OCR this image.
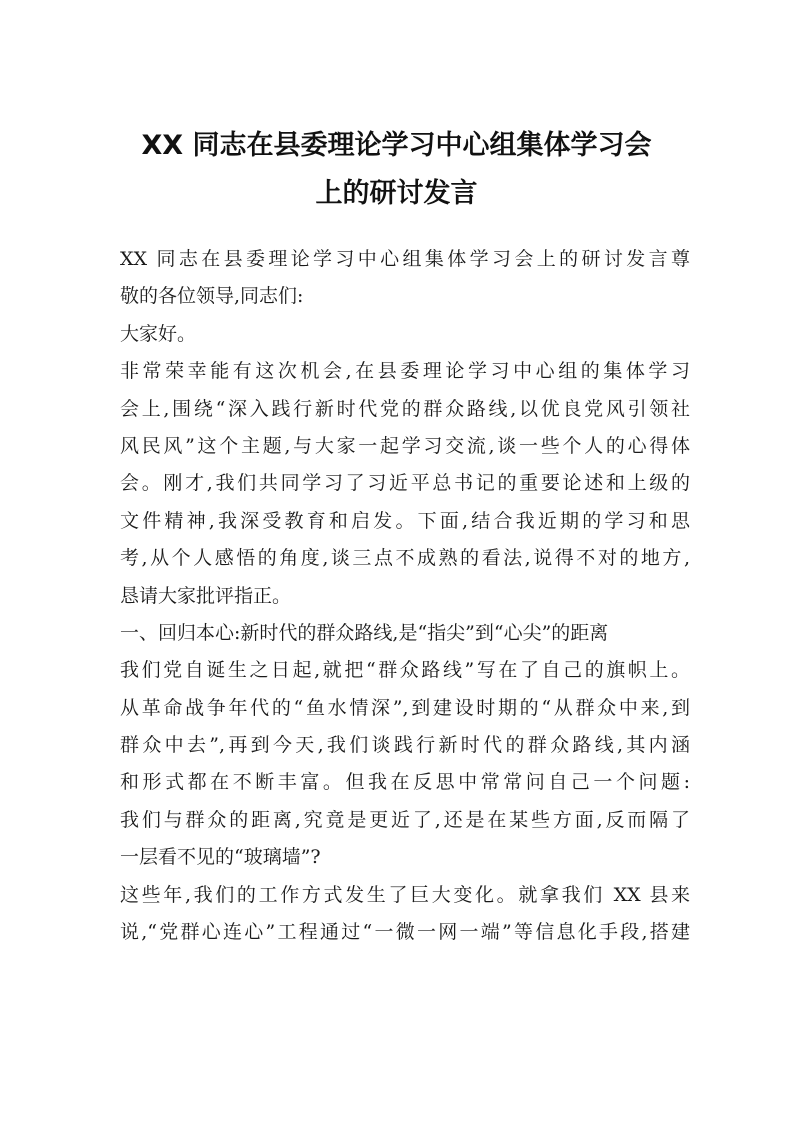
XX 同志在县委理论学习中心组集体学习会
上的研讨发言
XX 同志在县委理论学习中心组集体学习会上的研讨发言尊
敬的各位领导,同志们:
大家好。
非常荣幸能有这次机会,在县委理论学习中心组的集体学习
会上,围绕“深入践行新时代党的群众路线,以优良党风引领社
风民风”这个主题,与大家一起学习交流,谈一些个人的心得体
会。刚才,我们共同学习了习近平总书记的重要论述和上级的
文件精神,我深受教育和启发。下面,结合我近期的学习和思
考,从个人感悟的角度,谈三点不成熟的看法,说得不对的地方,
恳请大家批评指正。
一、回归本心:新时代的群众路线,是“指尖”到“心尖”的距离
我们党自诞生之日起,就把“群众路线”写在了自己的旗帜上。
从革命战争年代的“鱼水情深”,到建设时期的“从群众中来,到
群众中去”,再到今天,我们谈践行新时代的群众路线,其内涵
和形式都在不断丰富。但我在反思中常常问自己一个问题:
我们与群众的距离,究竟是更近了,还是在某些方面,反而隔了
一层看不见的“玻璃墙”?
这些年,我们的工作方式发生了巨大变化。就拿我们 XX 县来
说,“党群心连心”工程通过“一微一网一端”等信息化手段,搭建
